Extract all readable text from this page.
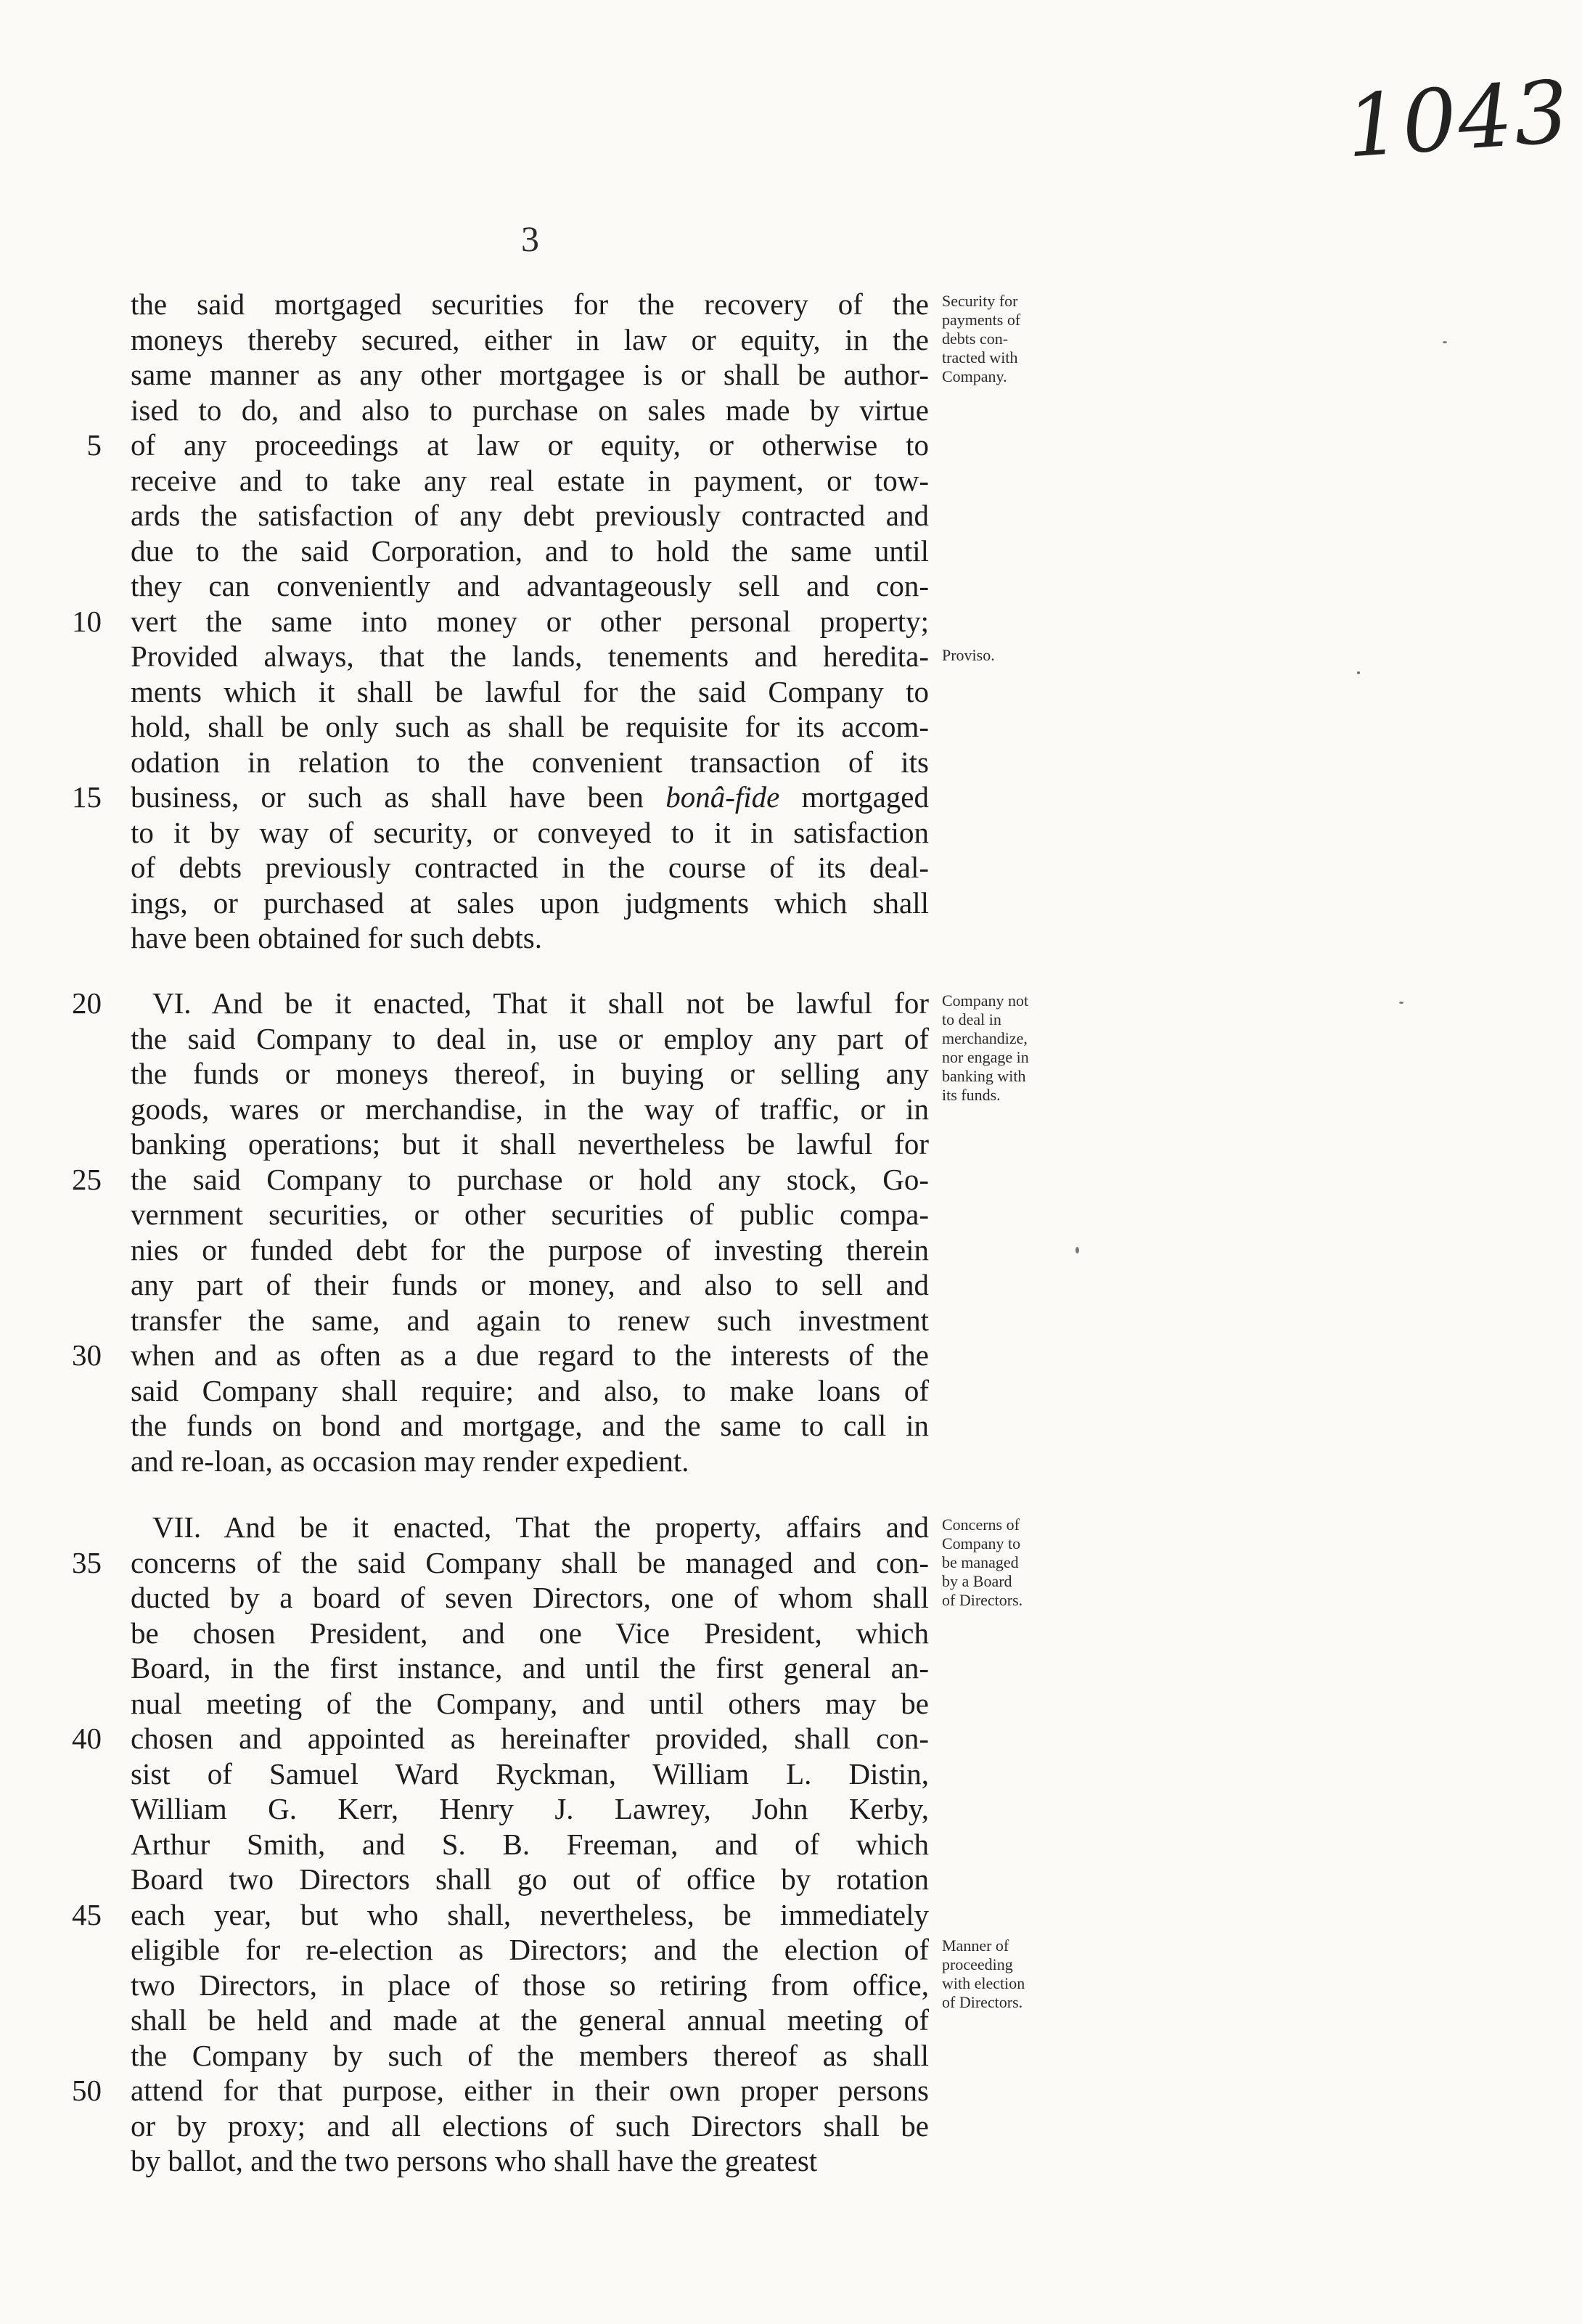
1043
3
the said mortgaged securities for the recovery of the
moneys thereby secured, either in law or equity, in the
same manner as any other mortgagee is or shall be author-
ised to do, and also to purchase on sales made by virtue
of any proceedings at law or equity, or otherwise to
5
receive and to take any real estate in payment, or tow-
ards the satisfaction of any debt previously contracted and
due to the said Corporation, and to hold the same until
they can conveniently and advantageously sell and con-
vert the same into money or other personal property;
10
Provided always, that the lands, tenements and heredita-
ments which it shall be lawful for the said Company to
hold, shall be only such as shall be requisite for its accom-
odation in relation to the convenient transaction of its
business, or such as shall have been bonâ-fide mortgaged
15
to it by way of security, or conveyed to it in satisfaction
of debts previously contracted in the course of its deal-
ings, or purchased at sales upon judgments which shall
have been obtained for such debts.
VI. And be it enacted, That it shall not be lawful for
20
the said Company to deal in, use or employ any part of
the funds or moneys thereof, in buying or selling any
goods, wares or merchandise, in the way of traffic, or in
banking operations; but it shall nevertheless be lawful for
the said Company to purchase or hold any stock, Go-
25
vernment securities, or other securities of public compa-
nies or funded debt for the purpose of investing therein
any part of their funds or money, and also to sell and
transfer the same, and again to renew such investment
when and as often as a due regard to the interests of the
30
said Company shall require; and also, to make loans of
the funds on bond and mortgage, and the same to call in
and re-loan, as occasion may render expedient.
VII. And be it enacted, That the property, affairs and
concerns of the said Company shall be managed and con-
35
ducted by a board of seven Directors, one of whom shall
be chosen President, and one Vice President, which
Board, in the first instance, and until the first general an-
nual meeting of the Company, and until others may be
chosen and appointed as hereinafter provided, shall con-
40
sist of Samuel Ward Ryckman, William L. Distin,
William G. Kerr, Henry J. Lawrey, John Kerby,
Arthur Smith, and S. B. Freeman, and of which
Board two Directors shall go out of office by rotation
each year, but who shall, nevertheless, be immediately
45
eligible for re-election as Directors; and the election of
two Directors, in place of those so retiring from office,
shall be held and made at the general annual meeting of
the Company by such of the members thereof as shall
attend for that purpose, either in their own proper persons
50
or by proxy; and all elections of such Directors shall be
by ballot, and the two persons who shall have the greatest
Security for
payments of
debts con-
tracted with
Company.
Proviso.
Company not
to deal in
merchandize,
nor engage in
banking with
its funds.
Concerns of
Company to
be managed
by a Board
of Directors.
Manner of
proceeding
with election
of Directors.
